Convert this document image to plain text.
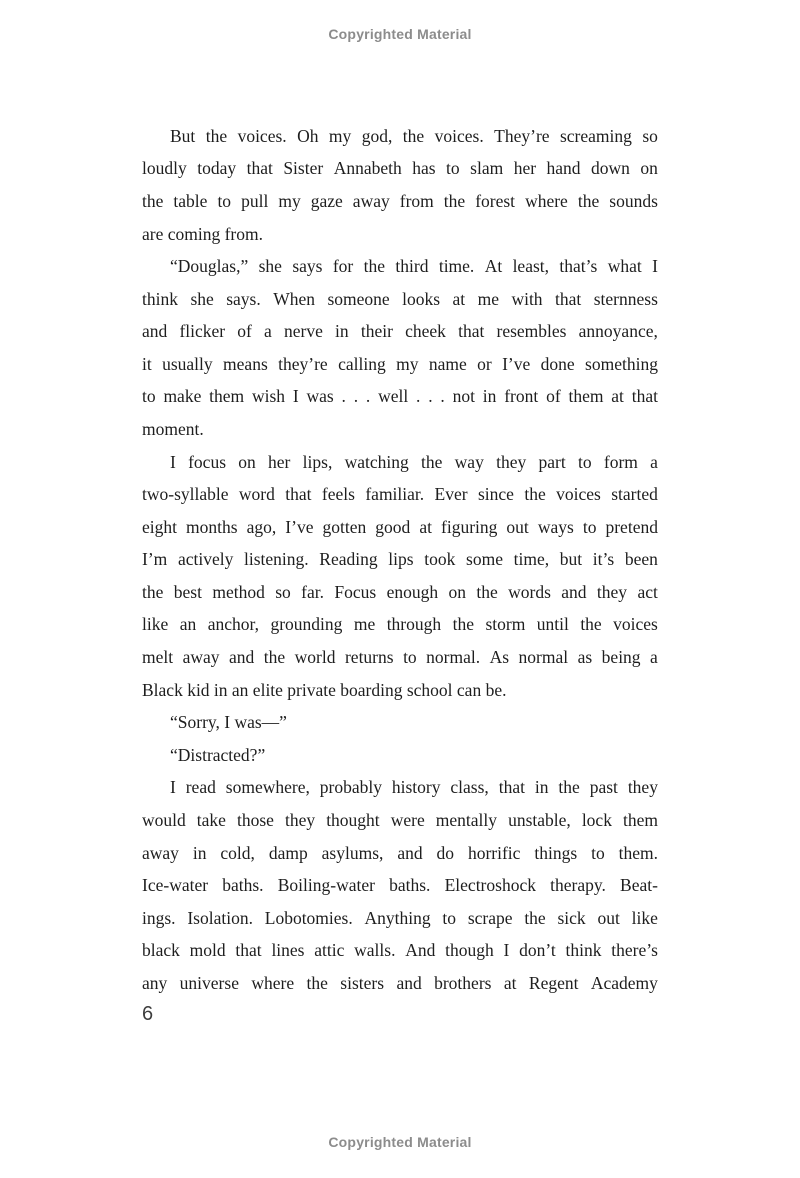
Copyrighted Material
But the voices. Oh my god, the voices. They’re screaming so
loudly today that Sister Annabeth has to slam her hand down on
the table to pull my gaze away from the forest where the sounds
are coming from.
“Douglas,” she says for the third time. At least, that’s what I
think she says. When someone looks at me with that sternness
and flicker of a nerve in their cheek that resembles annoyance,
it usually means they’re calling my name or I’ve done something
to make them wish I was . . . well . . . not in front of them at that
moment.
I focus on her lips, watching the way they part to form a
two-syllable word that feels familiar. Ever since the voices started
eight months ago, I’ve gotten good at figuring out ways to pretend
I’m actively listening. Reading lips took some time, but it’s been
the best method so far. Focus enough on the words and they act
like an anchor, grounding me through the storm until the voices
melt away and the world returns to normal. As normal as being a
Black kid in an elite private boarding school can be.
“Sorry, I was—”
“Distracted?”
I read somewhere, probably history class, that in the past they
would take those they thought were mentally unstable, lock them
away in cold, damp asylums, and do horrific things to them.
Ice-water baths. Boiling-water baths. Electroshock therapy. Beat-
ings. Isolation. Lobotomies. Anything to scrape the sick out like
black mold that lines attic walls. And though I don’t think there’s
any universe where the sisters and brothers at Regent Academy
6
Copyrighted Material
